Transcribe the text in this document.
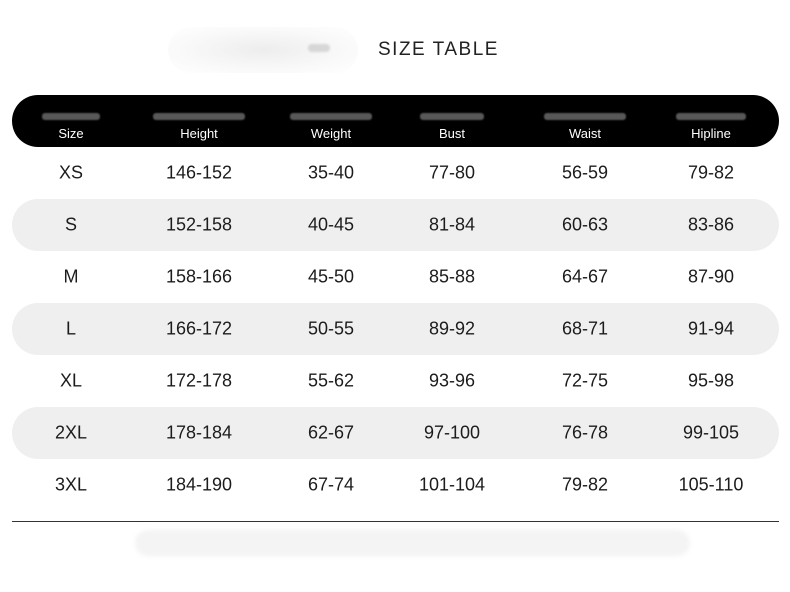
SIZE TABLE
Size	Height	Weight	Bust	Waist	Hipline
XS	146-152	35-40	77-80	56-59	79-82
S	152-158	40-45	81-84	60-63	83-86
M	158-166	45-50	85-88	64-67	87-90
L	166-172	50-55	89-92	68-71	91-94
XL	172-178	55-62	93-96	72-75	95-98
2XL	178-184	62-67	97-100	76-78	99-105
3XL	184-190	67-74	101-104	79-82	105-110
